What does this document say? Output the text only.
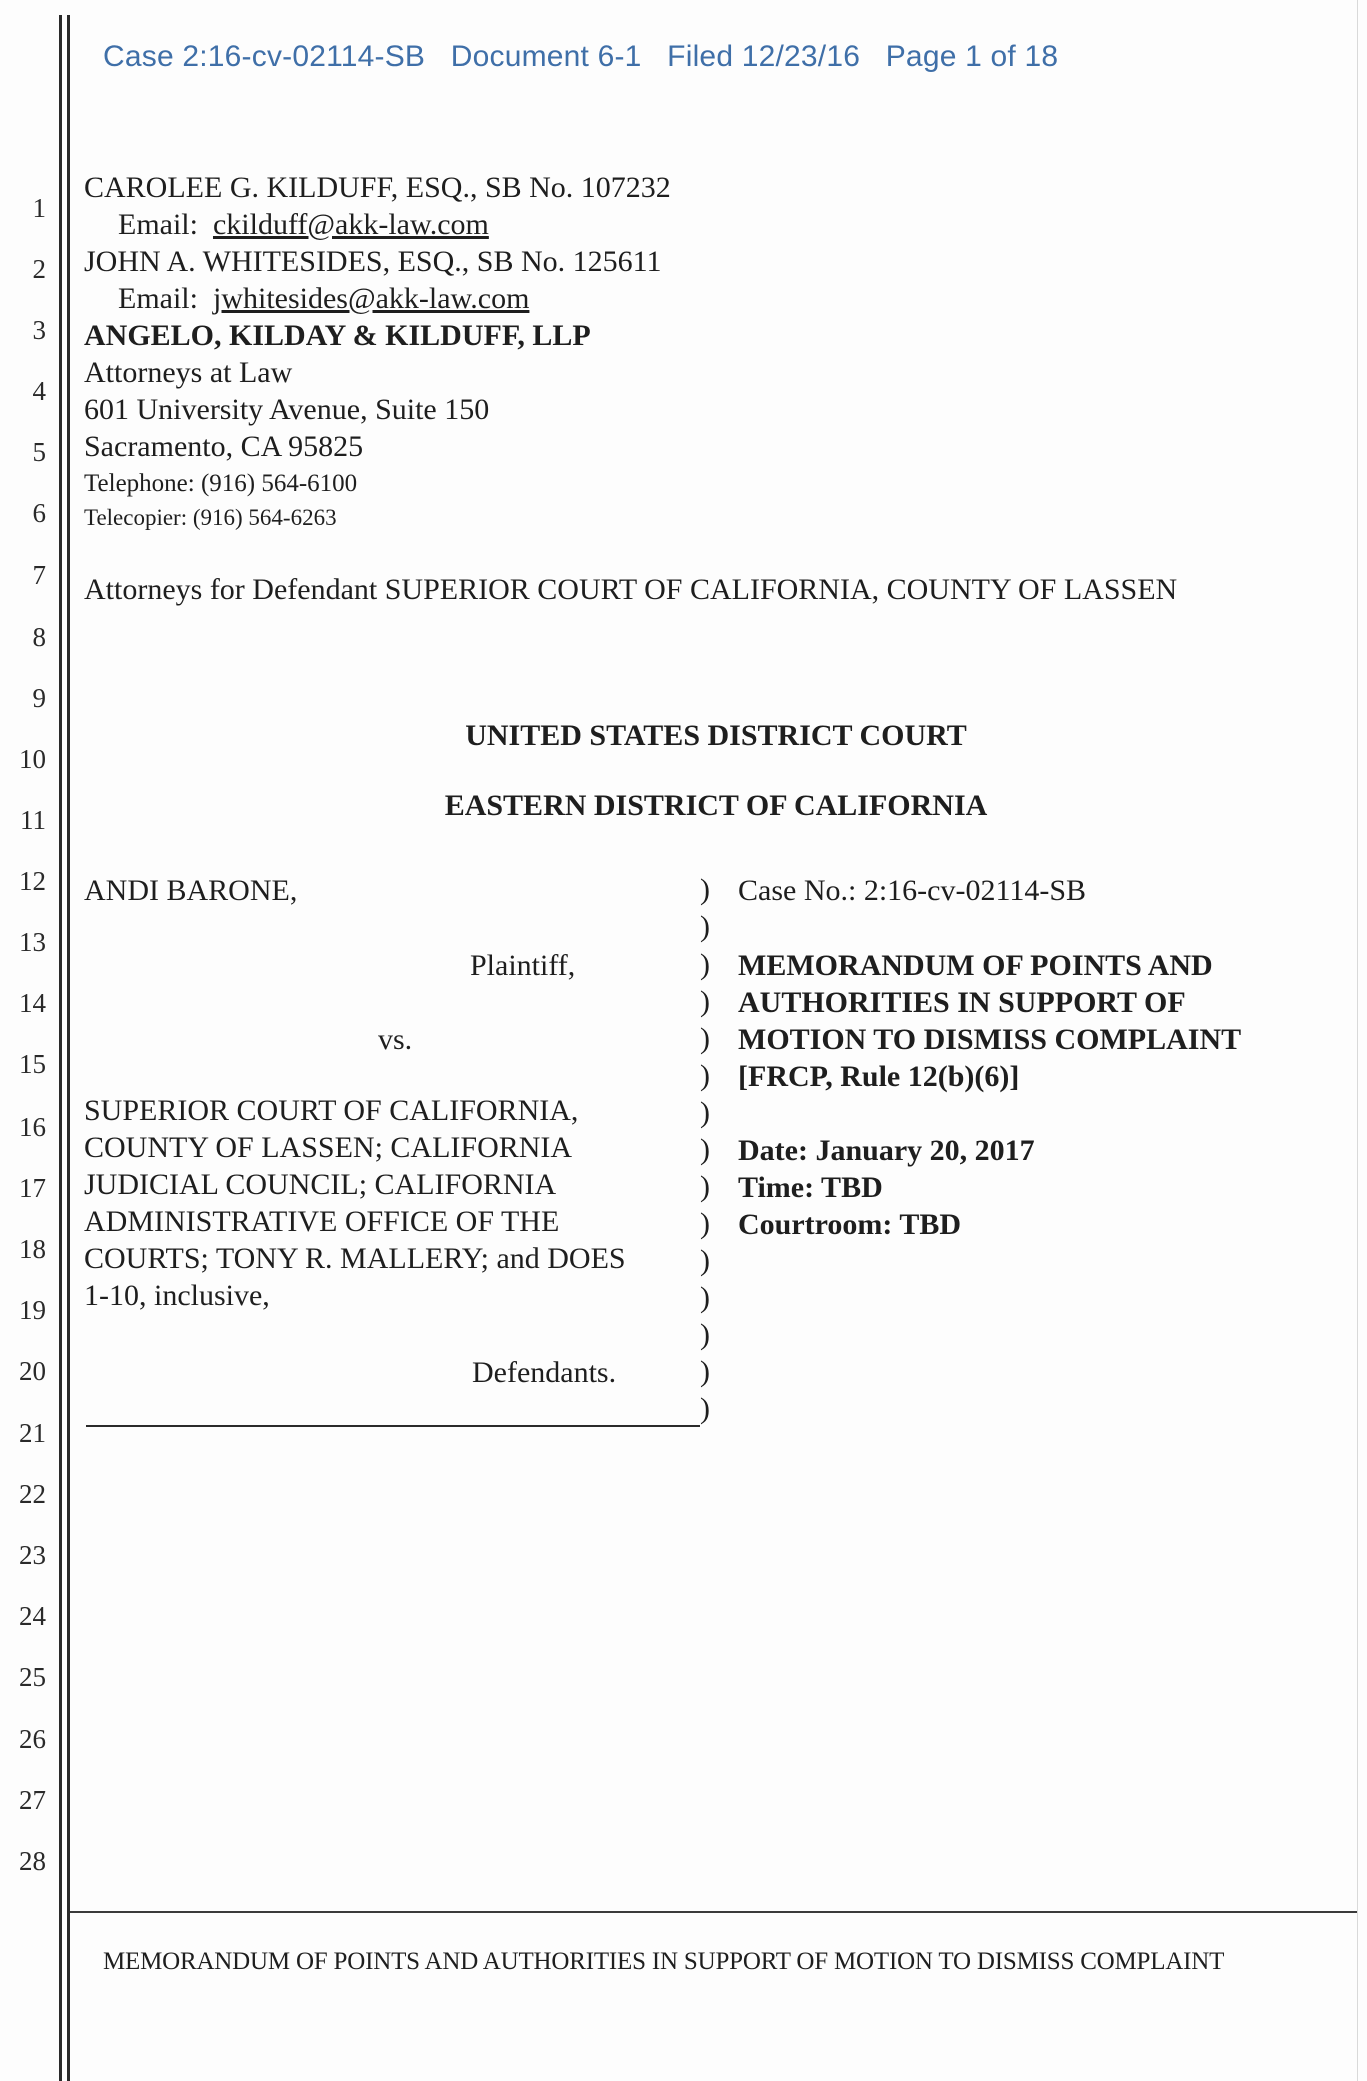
Case 2:16-cv-02114-SB   Document 6-1   Filed 12/23/16   Page 1 of 18
1
2
3
4
5
6
7
8
9
10
11
12
13
14
15
16
17
18
19
20
21
22
23
24
25
26
27
28
CAROLEE G. KILDUFF, ESQ., SB No. 107232
Email: ckilduff@akk-law.com
JOHN A. WHITESIDES, ESQ., SB No. 125611
Email: jwhitesides@akk-law.com
ANGELO, KILDAY & KILDUFF, LLP
Attorneys at Law
601 University Avenue, Suite 150
Sacramento, CA 95825
Telephone: (916) 564-6100
Telecopier: (916) 564-6263
Attorneys for Defendant SUPERIOR COURT OF CALIFORNIA, COUNTY OF LASSEN
UNITED STATES DISTRICT COURT
EASTERN DISTRICT OF CALIFORNIA
ANDI BARONE,
Plaintiff,
vs.
SUPERIOR COURT OF CALIFORNIA,
COUNTY OF LASSEN; CALIFORNIA
JUDICIAL COUNCIL; CALIFORNIA
ADMINISTRATIVE OFFICE OF THE
COURTS; TONY R. MALLERY; and DOES
1-10, inclusive,
Defendants.
)
)
)
)
)
)
)
)
)
)
)
)
)
)
)
Case No.: 2:16-cv-02114-SB
MEMORANDUM OF POINTS AND
AUTHORITIES IN SUPPORT OF
MOTION TO DISMISS COMPLAINT
[FRCP, Rule 12(b)(6)]
Date: January 20, 2017
Time: TBD
Courtroom: TBD
MEMORANDUM OF POINTS AND AUTHORITIES IN SUPPORT OF MOTION TO DISMISS COMPLAINT
